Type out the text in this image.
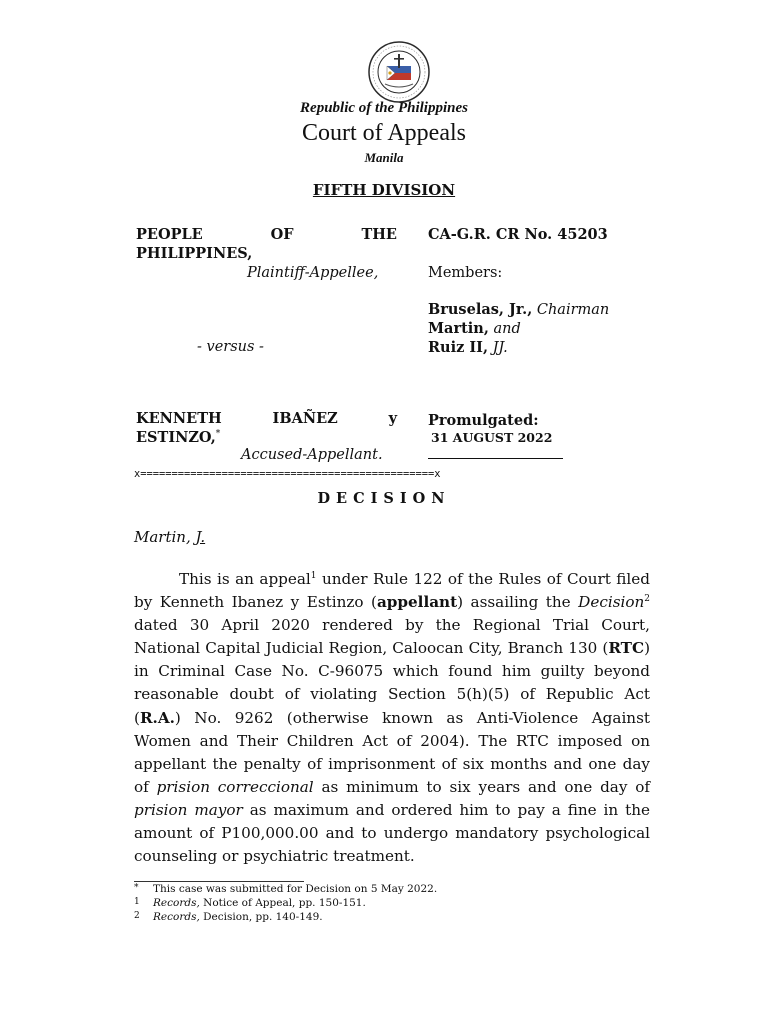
Republic of the Philippines
Court of Appeals
Manila
FIFTH DIVISION
PEOPLE	OF	THE
PHILIPPINES,
Plaintiff-Appellee,
- versus -
KENNETH	IBAÑEZ	y
ESTINZO,*
Accused-Appellant.
CA-G.R. CR No. 45203
Members:
Bruselas, Jr., Chairman
Martin, and
Ruiz II, JJ.
Promulgated:
31 AUGUST 2022
x===============================================x
DECISION
Martin, J.

This is an appeal$^1$ under Rule 122 of the Rules of Court filed by Kenneth Ibanez y Estinzo (appellant) assailing the Decision$^2$ dated 30 April 2020 rendered by the Regional Trial Court, National Capital Judicial Region, Caloocan City, Branch 130 (RTC) in Criminal Case No. C-96075 which found him guilty beyond reasonable doubt of violating Section 5(h)(5) of Republic Act (R.A.) No. 9262 (otherwise known as Anti-Violence Against Women and Their Children Act of 2004). The RTC imposed on appellant the penalty of imprisonment of six months and one day of prision correccional as minimum to six years and one day of prision mayor as maximum and ordered him to pay a fine in the amount of P100,000.00 and to undergo mandatory psychological counseling or psychiatric treatment.

* This case was submitted for Decision on 5 May 2022.
1 Records, Notice of Appeal, pp. 150-151.
2 Records, Decision, pp. 140-149.
